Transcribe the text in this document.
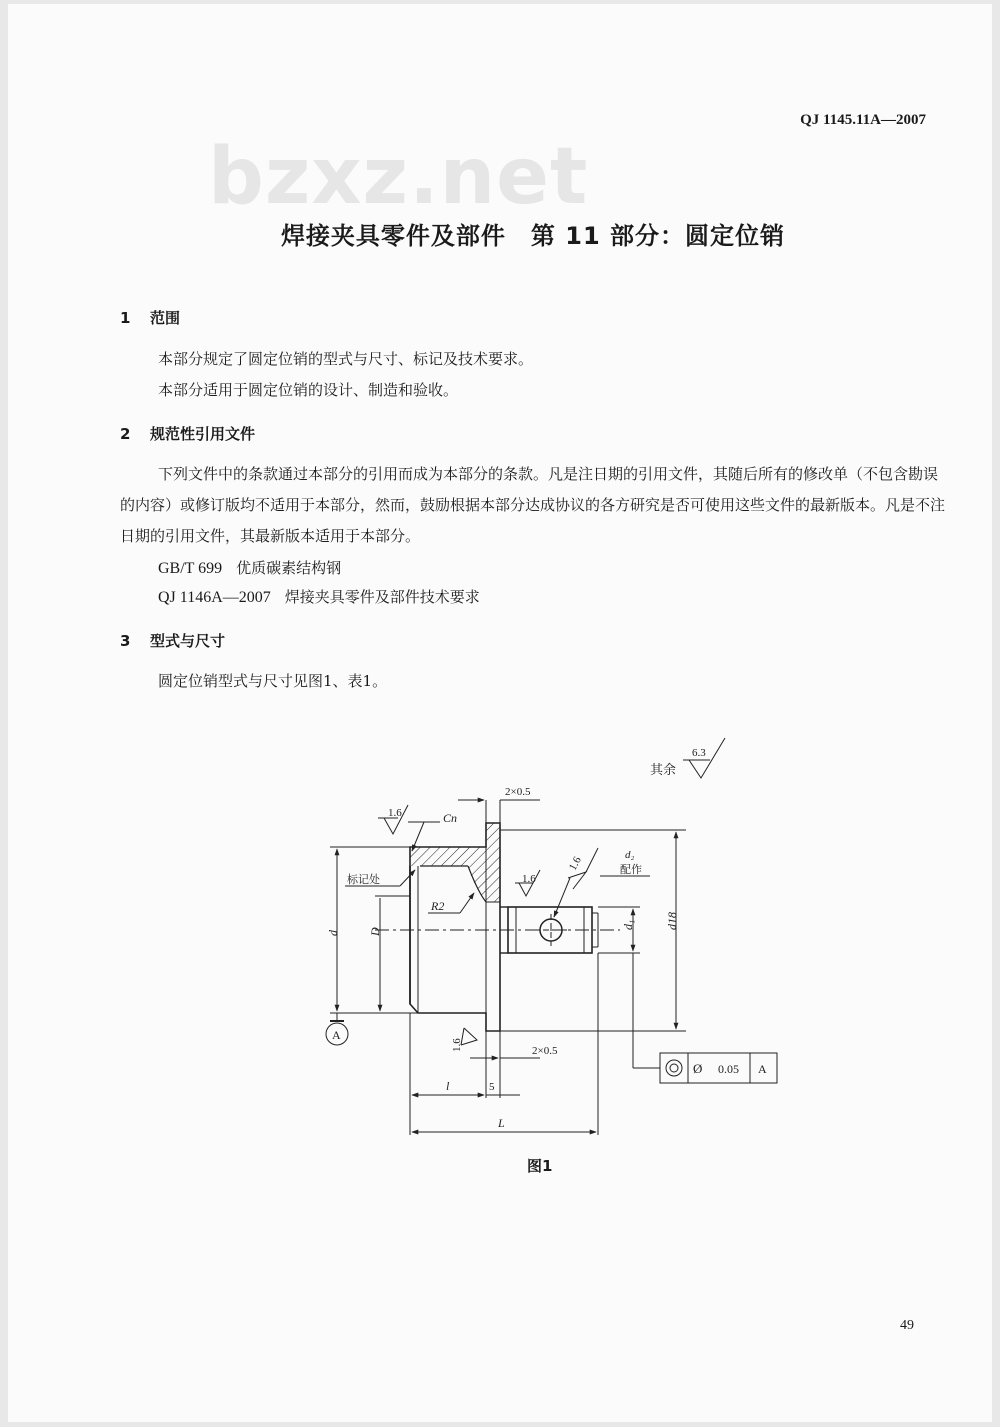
QJ 1145.11A—2007
bzxz.net
焊接夹具零件及部件　第 11 部分：圆定位销
1 范围
本部分规定了圆定位销的型式与尺寸、标记及技术要求。
本部分适用于圆定位销的设计、制造和验收。
2 规范性引用文件
下列文件中的条款通过本部分的引用而成为本部分的条款。凡是注日期的引用文件，其随后所有的修改单（不包含勘误的内容）或修订版均不适用于本部分，然而，鼓励根据本部分达成协议的各方研究是否可使用这些文件的最新版本。凡是不注日期的引用文件，其最新版本适用于本部分。
GB/T 699 优质碳素结构钢
QJ 1146A—2007 焊接夹具零件及部件技术要求
3 型式与尺寸
圆定位销型式与尺寸见图1、表1。
其余
6.3
1.6
1.6
1.6
1.6
2×0.5
2×0.5
Cn
标记处
R2
d₂
配作
d D
d₁	d18
A
l	5
L
Ø 0.05 A
图1
49
